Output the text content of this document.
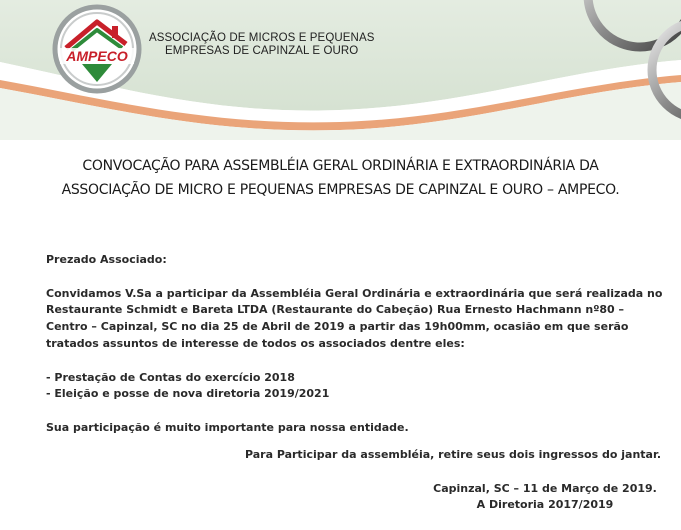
AMPECO
ASSOCIAÇÃO DE MICROS E PEQUENAS
EMPRESAS DE CAPINZAL E OURO
CONVOCAÇÃO PARA ASSEMBLÉIA GERAL ORDINÁRIA E EXTRAORDINÁRIA DA
ASSOCIAÇÃO DE MICRO E PEQUENAS EMPRESAS DE CAPINZAL E OURO – AMPECO.

Prezado Associado:

Convidamos V.Sa a participar da Assembléia Geral Ordinária e extraordinária que será realizada no Restaurante Schmidt e Bareta LTDA (Restaurante do Cabeção) Rua Ernesto Hachmann nº80 – Centro – Capinzal, SC no dia 25 de Abril de 2019 a partir das 19h00mm, ocasião em que serão tratados assuntos de interesse de todos os associados dentre eles:

- Prestação de Contas do exercício 2018

- Eleição e posse de nova diretoria 2019/2021

Sua participação é muito importante para nossa entidade.

Para Participar da assembléia, retire seus dois ingressos do jantar.
Capinzal, SC – 11 de Março de 2019.
A Diretoria 2017/2019
